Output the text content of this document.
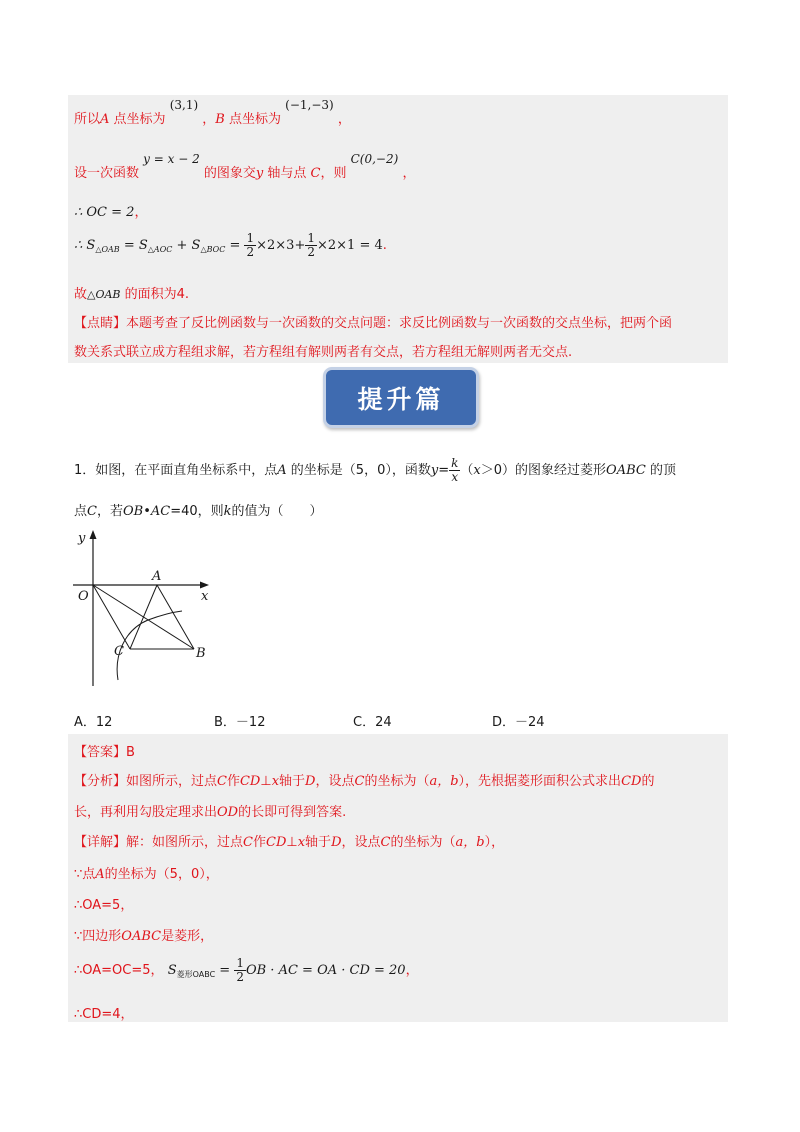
所以A 点坐标为 (3,1) ，B 点坐标为 (−1,−3) ，
设一次函数 y = x − 2 的图象交y 轴与点 C，则 C(0,−2) ，
∴ OC = 2，
∴ $S_{\triangle OAB} = S_{\triangle AOC} + S_{\triangle BOC} = \frac{1}{2} \times 2\times 3+ \frac{1}{2} \times 2\times 1 = 4$.
故△OAB 的面积为4.
【点睛】本题考查了反比例函数与一次函数的交点问题：求反比例函数与一次函数的交点坐标，把两个函
数关系式联立成方程组求解，若方程组有解则两者有交点，若方程组无解则两者无交点.
提升篇
1．如图，在平面直角坐标系中，点A 的坐标是（5，0），函数$y= \frac{k}{x} (x>0)$的图象经过菱形OABC 的顶
点C，若OB•AC=40，则k的值为（　　）
y
x
O
A
C	B
A．12	B．－12	C．24	D．－24
【答案】B
【分析】如图所示，过点C作CD⊥x轴于D，设点C的坐标为（a，b），先根据菱形面积公式求出CD的
长，再利用勾股定理求出OD的长即可得到答案.
【详解】解：如图所示，过点C作CD⊥x轴于D，设点C的坐标为（a，b），
∵点A的坐标为（5，0），
∴OA=5，
∵四边形OABC是菱形，
∴OA=OC=5， $S_{菱形OABC} = \frac{1}{2}$ OB · AC = OA · CD = 20，
∴CD=4，
